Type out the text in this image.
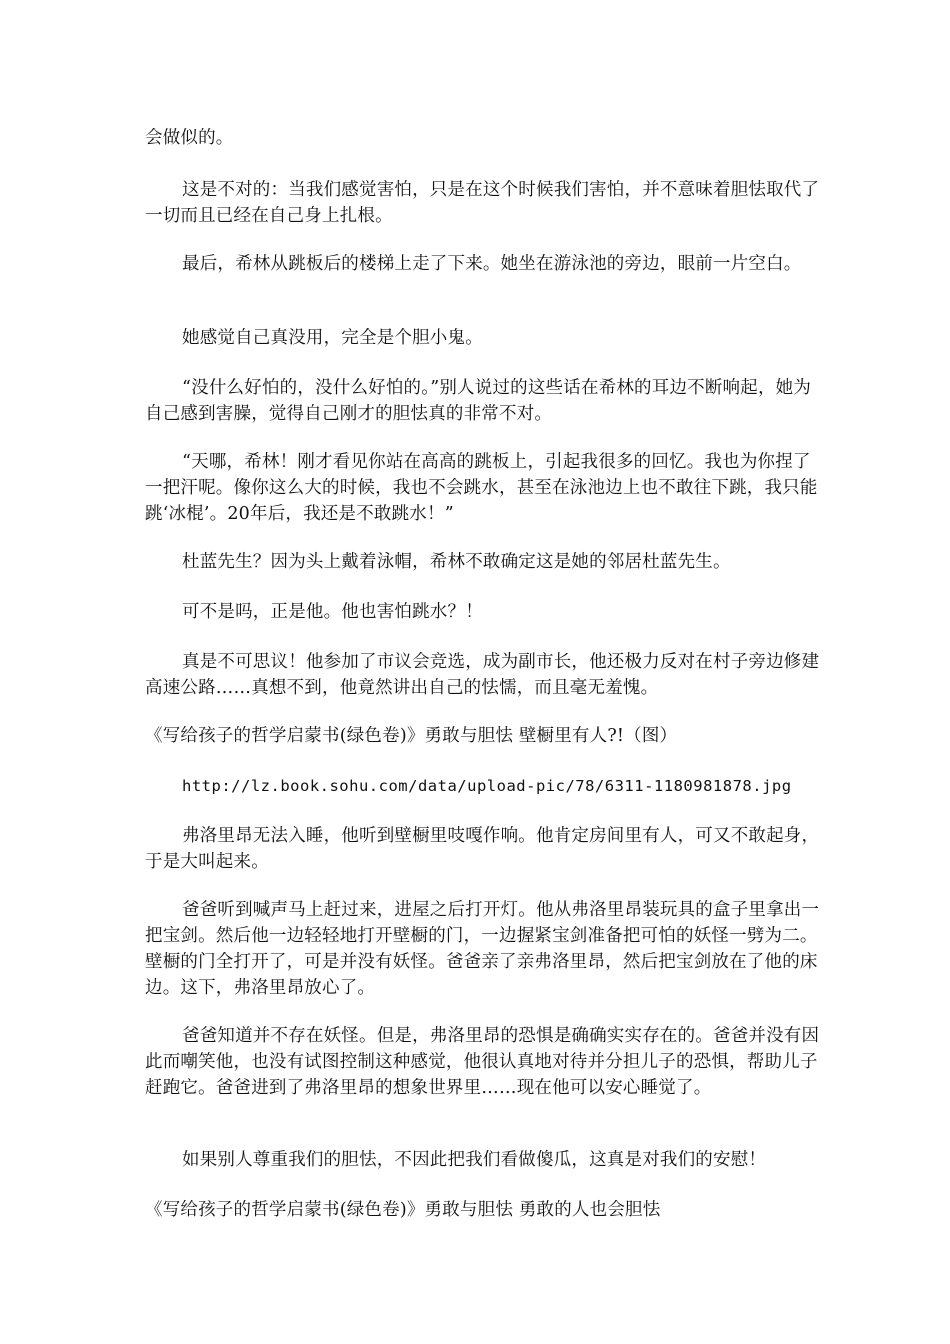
会做似的。

这是不对的：当我们感觉害怕，只是在这个时候我们害怕，并不意味着胆怯取代了一切而且已经在自己身上扎根。

最后，希林从跳板后的楼梯上走了下来。她坐在游泳池的旁边，眼前一片空白。

她感觉自己真没用，完全是个胆小鬼。

“没什么好怕的，没什么好怕的。”别人说过的这些话在希林的耳边不断响起，她为自己感到害臊，觉得自己刚才的胆怯真的非常不对。

“天哪，希林！刚才看见你站在高高的跳板上，引起我很多的回忆。我也为你捏了一把汗呢。像你这么大的时候，我也不会跳水，甚至在泳池边上也不敢往下跳，我只能跳‘冰棍’。20年后，我还是不敢跳水！”

杜蓝先生？因为头上戴着泳帽，希林不敢确定这是她的邻居杜蓝先生。

可不是吗，正是他。他也害怕跳水？！

真是不可思议！他参加了市议会竞选，成为副市长，他还极力反对在村子旁边修建高速公路……真想不到，他竟然讲出自己的怯懦，而且毫无羞愧。

《写给孩子的哲学启蒙书(绿色卷)》勇敢与胆怯 壁橱里有人?!（图）

http://lz.book.sohu.com/data/upload-pic/78/6311-1180981878.jpg

弗洛里昂无法入睡，他听到壁橱里吱嘎作响。他肯定房间里有人，可又不敢起身，于是大叫起来。

爸爸听到喊声马上赶过来，进屋之后打开灯。他从弗洛里昂装玩具的盒子里拿出一把宝剑。然后他一边轻轻地打开壁橱的门，一边握紧宝剑准备把可怕的妖怪一劈为二。壁橱的门全打开了，可是并没有妖怪。爸爸亲了亲弗洛里昂，然后把宝剑放在了他的床边。这下，弗洛里昂放心了。

爸爸知道并不存在妖怪。但是，弗洛里昂的恐惧是确确实实存在的。爸爸并没有因此而嘲笑他，也没有试图控制这种感觉，他很认真地对待并分担儿子的恐惧，帮助儿子赶跑它。爸爸进到了弗洛里昂的想象世界里……现在他可以安心睡觉了。

如果别人尊重我们的胆怯，不因此把我们看做傻瓜，这真是对我们的安慰！

《写给孩子的哲学启蒙书(绿色卷)》勇敢与胆怯 勇敢的人也会胆怯
